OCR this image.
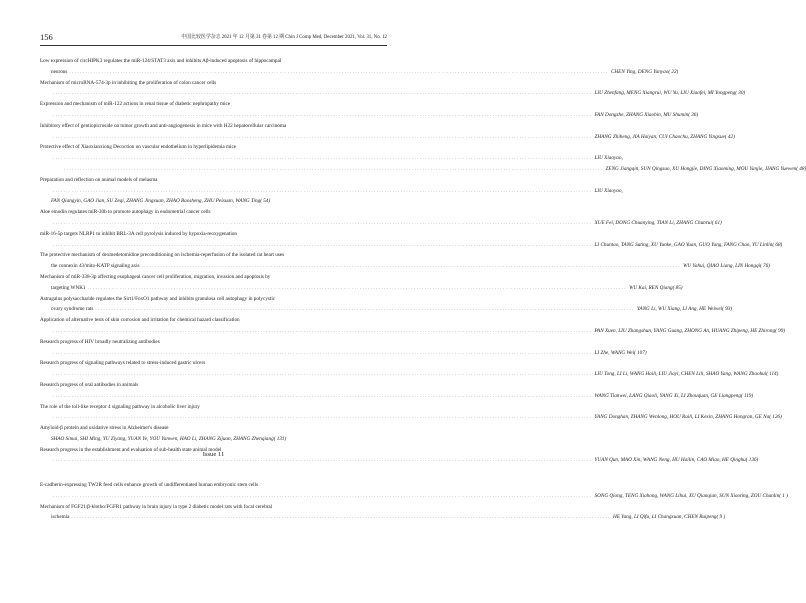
156	中国比较医学杂志 2021 年 12 月第 31 卷第 12 期 Chin J Comp Med, December 2021, Vol. 31, No. 12
Low expression of circHIPK3 regulates the miR-124/STAT3 axis and inhibits Aβ-induced apoptosis of hippocampal
neurons ........................................................................................................................................................................................................ CHEN Ying, DENG Yanyao( 22)
Mechanism of microRNA-574-3p in inhibiting the proliferation of colon cancer cells
........................................................................................................................................................................................................ LIU Zhenfang, MENG Xiangrui, WU Yu, LIU Xiaofei, MI Yongpeng( 30)
Expression and mechanism of miR-122 actions in renal tissue of diabetic nephropathy mice
........................................................................................................................................................................................................ FAN Dongzhe, ZHANG Xiaobin, MU Shumin( 36)
Inhibitory effect of gentiopicroside on tumor growth and anti-angiogenesis in mice with H22 hepatocellular carcinoma
........................................................................................................................................................................................................ ZHANG Zhiheng, JIA Haiyan, CUI Chaochu, ZHANG Yingxue( 42)
Protective effect of Xiaoxianxiong Decoction on vascular endothelium in hyperlipidemia mice
........................................................................................................................................................................................................ LIU Xiaoyao,
........................................................................................................................................................................................................ ZENG Jiangqin, SUN Qingsuo, XU Hongjie, DING Xiaoming, MOU Yanjie, JIANG Yuewen( 48)
Preparation and reflection on animal models of melasma
........................................................................................................................................................................................................ LIU Xiaoyao,
FAN Qiangyin, GAO Jian, SU Zeqi, ZHANG Jingxuan, ZHAO Baosheng, ZHU Peixuan, WANG Ting( 54)
Aloe emodin regulates miR-30b to promote autophagy in endometrial cancer cells
........................................................................................................................................................................................................ XUE Fei, DONG Chuanying, TIAN Li, ZHANG Chunrui( 61)
miR-16-5p targets NLRP1 to inhibit BRL-3A cell pyrolysis induced by hypoxia-reoxygenation
........................................................................................................................................................................................................ LI Chuntao, TANG Suting, XU Yunke, GAO Yuan, GUO Yang, FANG Chao, YU Linlin( 68)
The protective mechanism of dexmedetomidine preconditioning on ischemia-reperfusion of the isolated rat heart uses
the connexin 43/mito-KATP signaling axis ........................................................................................................................................................................................................ WU Yahui, QIAO Liang, LIN Hongqi( 76)
Mechanism of miR-338-3p affecting esophageal cancer cell proliferation, migration, invasion and apoptosis by
targeting WNK1 ........................................................................................................................................................................................................ WU Kai, REN Qiang( 85)
Astragalus polysaccharide regulates the Sirt1/FoxO1 pathway and inhibits granulosa cell autophagy in polycystic
ovary syndrome rats ........................................................................................................................................................................................................ YANG Li, WU Xiang, LI Ang, HE Weiwei( 93)
Application of alternative tests of skin corrosion and irritation for chemical hazard classification
........................................................................................................................................................................................................ PAN Xuen, LIU Zhangshun, YANG Guang, ZHONG An, HUANG Zhipeng, HE Zhirong( 99)
Research progress of HIV broadly neutralizing antibodies
........................................................................................................................................................................................................ LI Zhe, WANG Wei( 107)
Research progress of signaling pathways related to stress-induced gastric ulcers
........................................................................................................................................................................................................ LIU Tong, LI Li, WANG Haili, LIU Jiayi, CHEN Lili, SHAO Yang, WANG Zhaohui( 114)
Research progress of oral antibodies in animals
........................................................................................................................................................................................................ WANG Tianwei, LANG Qiaoli, YANG Xi, LI Zhouquan, GE Liangpeng( 119)
The role of the toll-like receptor 4 signaling pathway in alcoholic liver injury
........................................................................................................................................................................................................ YANG Donghan, ZHANG Wenlong, HOU Ruili, LI Kexin, ZHANG Hongran, GE Na( 126)
Amyloid-β protein and oxidative stress in Alzheimer's disease
SHAO Simai, SHI Ming, YU Ziyang, YUAN Ye, YOU Yanwen, HAO Li, ZHANG Zijuan, ZHANG Zhenqiang( 131)
Research progress in the establishment and evaluation of sub-health state animal model
........................................................................................................................................................................................................ YUAN Qun, MAO Xin, WANG Neng, HU Hailin, CAO Miao, HE Qinghu( 136)
Issue 11
E-cadherin-expressing TW2R feed cells enhance growth of undifferentiated human embryonic stem cells
........................................................................................................................................................................................................ SONG Qiong, TENG Xiahong, WANG Lihui, XU Qianqian, SUN Xiaoting, ZOU Chunlin( 1 )
Mechanism of FGF21/β-klotho/FGFR1 pathway in brain injury in type 2 diabetic model rats with focal cerebral
ischemia ........................................................................................................................................................................................................ HE Yang, LI Qifu, LI Changxuan, CHEN Ruipeng( 9 )
